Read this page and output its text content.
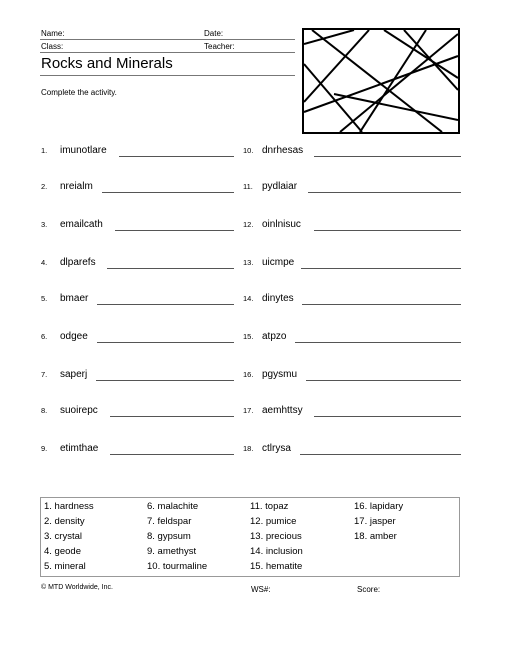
Name:	Date:
Class:	Teacher:
Rocks and Minerals
Complete the activity.
1. imunotlare
2. nreialm
3. emailcath
4. dlparefs
5. bmaer
6. odgee
7. saperj
8. suoirepc
9. etimthae
10. dnrhesas
11. pydlaiar
12. oinlnisuc
13. uicmpe
14. dinytes
15. atpzo
16. pgysmu
17. aemhttsy
18. ctlrysa
1. hardness
2. density
3. crystal
4. geode
5. mineral
6. malachite
7. feldspar
8. gypsum
9. amethyst
10. tourmaline
11. topaz
12. pumice
13. precious
14. inclusion
15. hematite
16. lapidary
17. jasper
18. amber
© MTD Worldwide, Inc.	WS#:	Score:
